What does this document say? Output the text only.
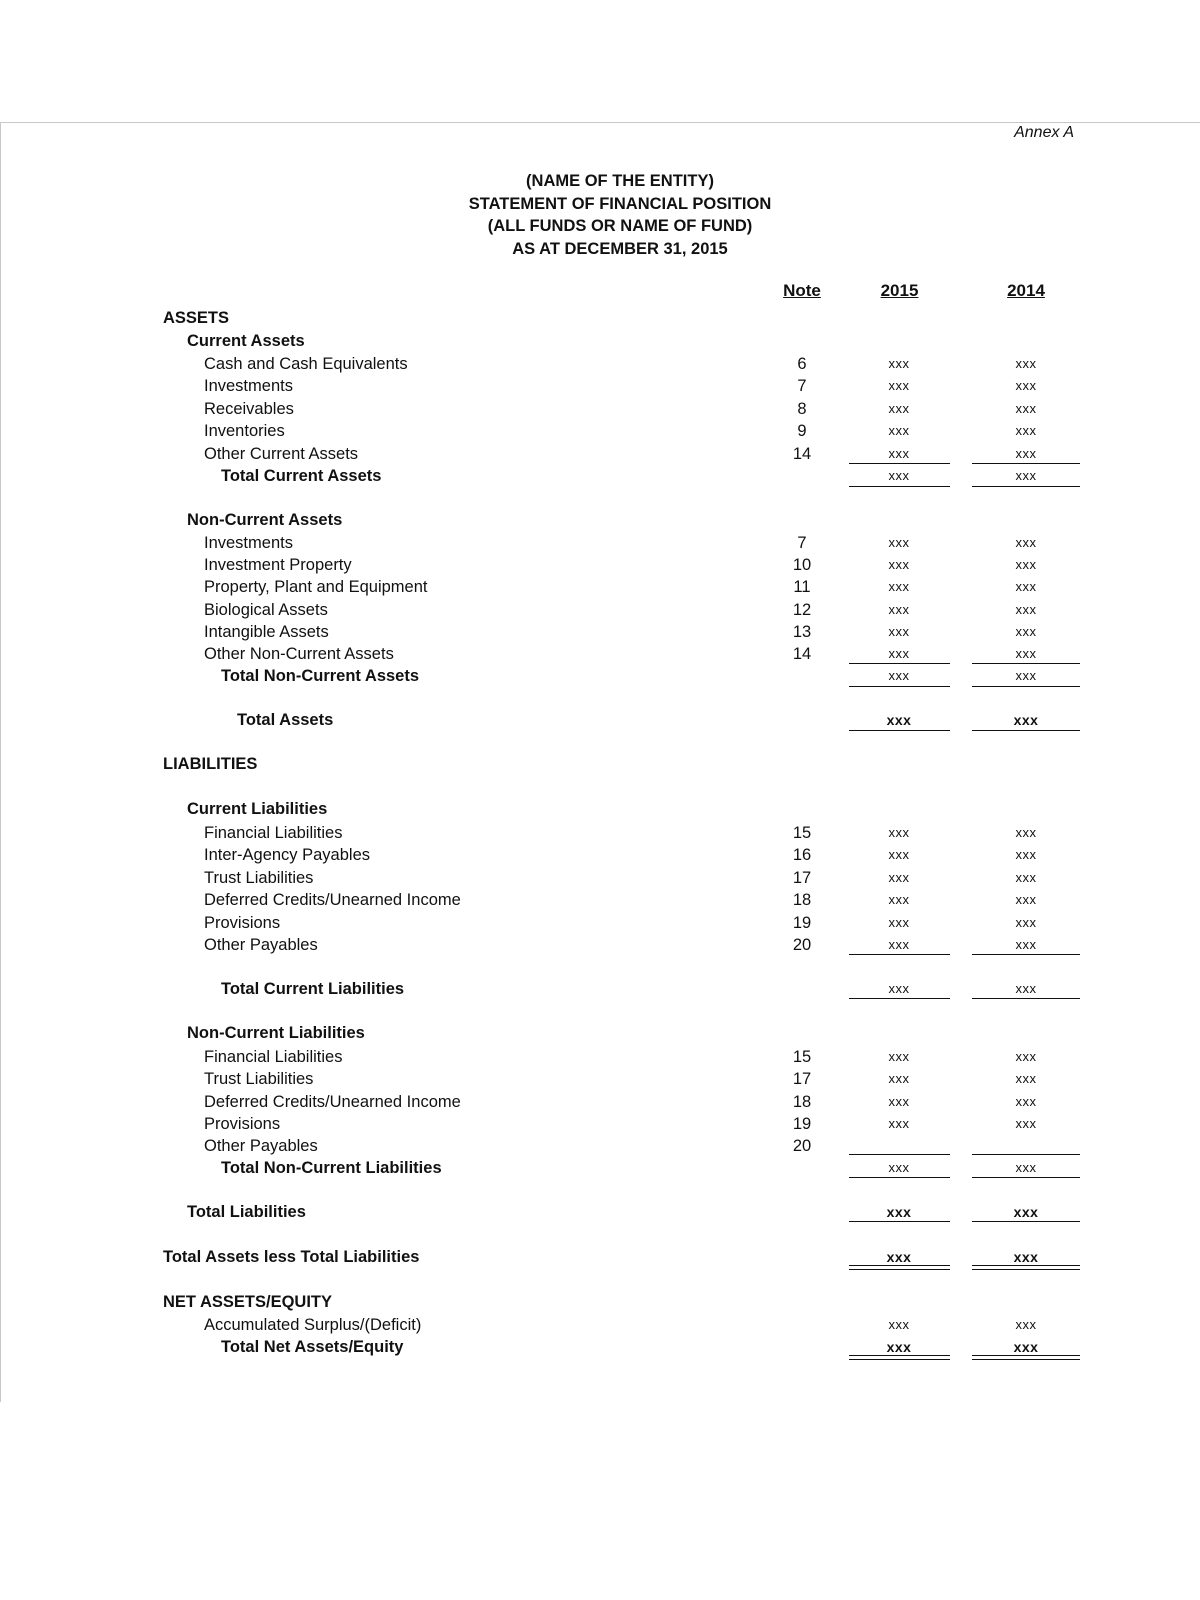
Annex A
(NAME OF THE ENTITY)
STATEMENT OF FINANCIAL POSITION
(ALL FUNDS OR NAME OF FUND)
AS AT DECEMBER 31, 2015
Note	2015	2014
ASSETS
Current Assets
Cash and Cash Equivalents	6	xxx	xxx
Investments	7	xxx	xxx
Receivables	8	xxx	xxx
Inventories	9	xxx	xxx
Other Current Assets	14	xxx	xxx
Total Current Assets	xxx	xxx
Non-Current Assets
Investments	7	xxx	xxx
Investment Property	10	xxx	xxx
Property, Plant and Equipment	11	xxx	xxx
Biological Assets	12	xxx	xxx
Intangible Assets	13	xxx	xxx
Other Non-Current Assets	14	xxx	xxx
Total Non-Current Assets	xxx	xxx
Total Assets	xxx	xxx
LIABILITIES
Current Liabilities
Financial Liabilities	15	xxx	xxx
Inter-Agency Payables	16	xxx	xxx
Trust Liabilities	17	xxx	xxx
Deferred Credits/Unearned Income	18	xxx	xxx
Provisions	19	xxx	xxx
Other Payables	20	xxx	xxx
Total Current Liabilities	xxx	xxx
Non-Current Liabilities
Financial Liabilities	15	xxx	xxx
Trust Liabilities	17	xxx	xxx
Deferred Credits/Unearned Income	18	xxx	xxx
Provisions	19	xxx	xxx
Other Payables	20
Total Non-Current Liabilities	xxx	xxx
Total Liabilities	xxx	xxx
Total Assets less Total Liabilities	xxx	xxx
NET ASSETS/EQUITY
Accumulated Surplus/(Deficit)	xxx	xxx
Total Net Assets/Equity	xxx	xxx
